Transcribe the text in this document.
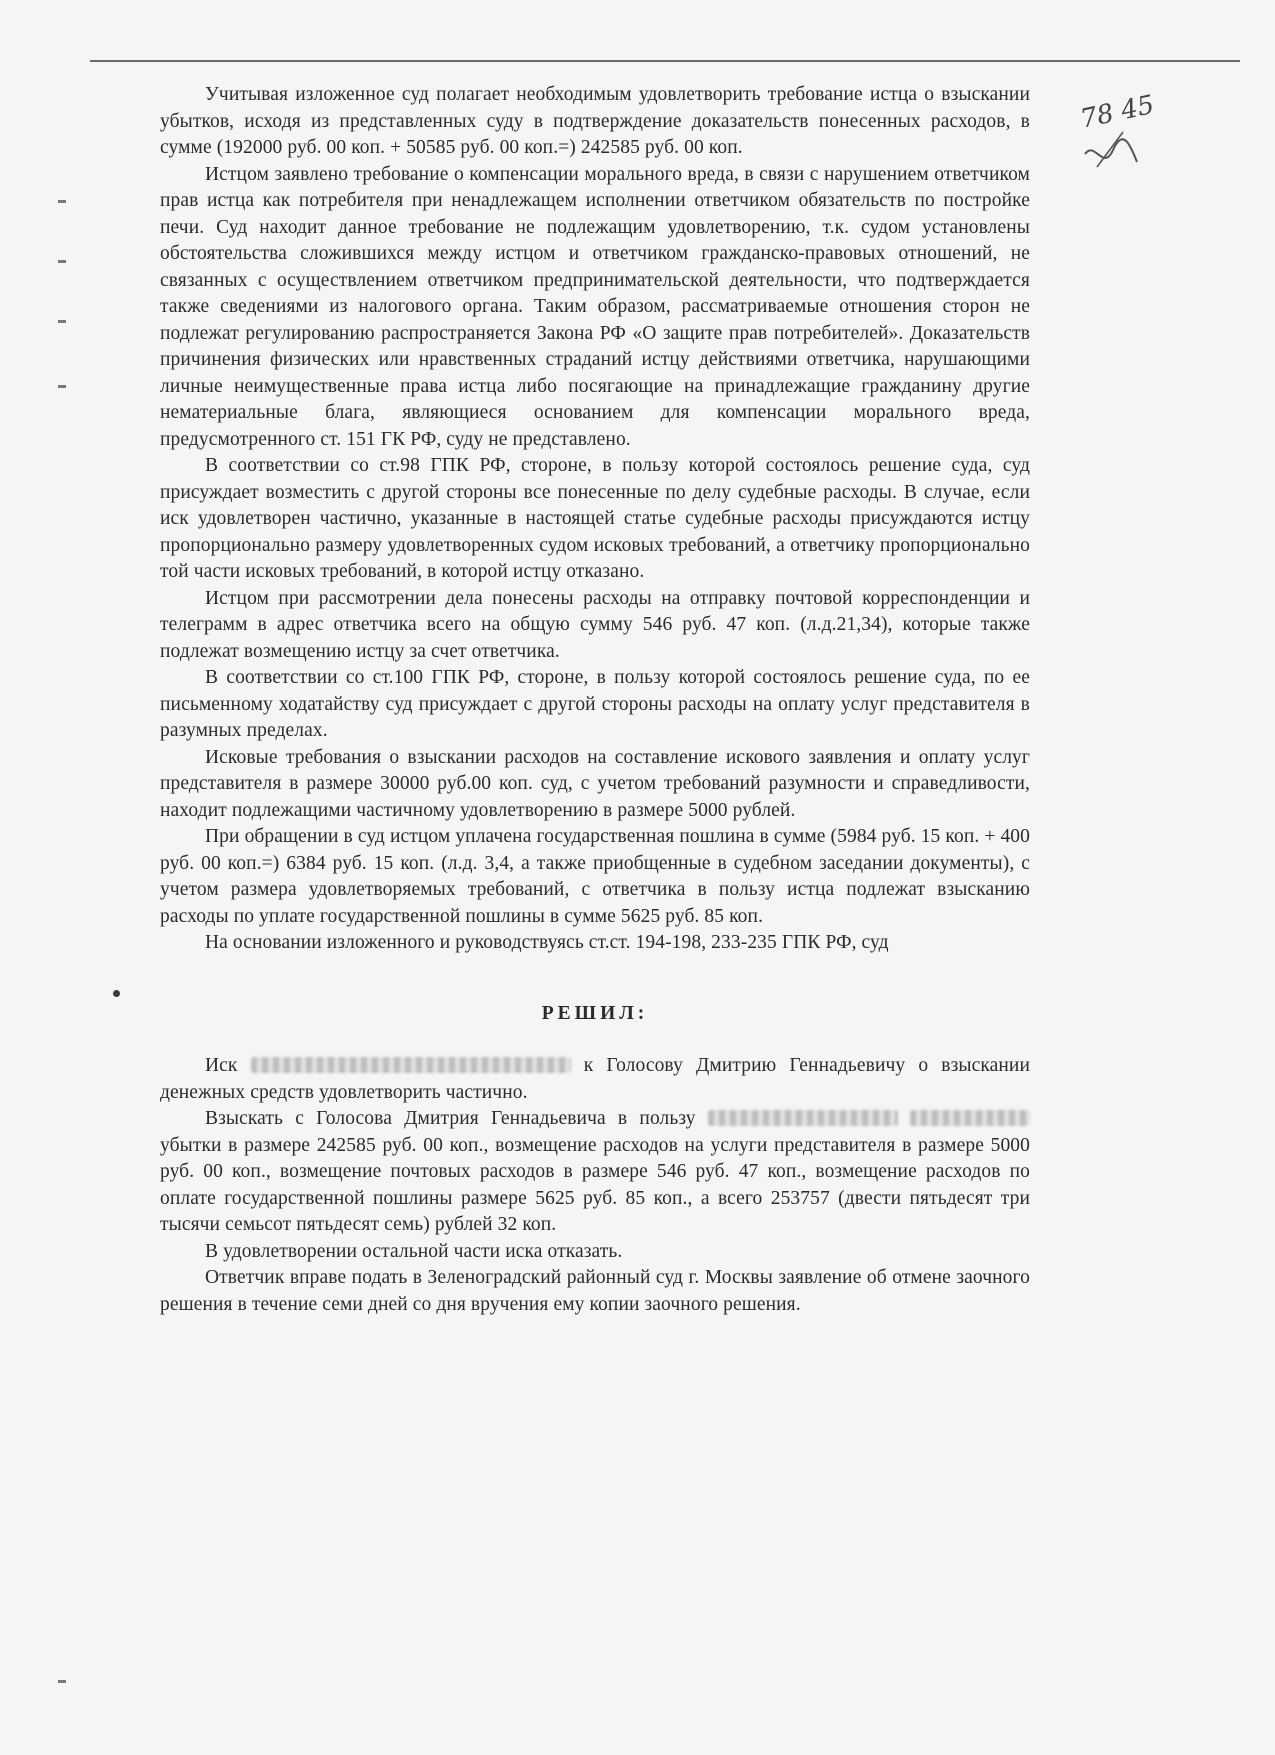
78 45

Учитывая изложенное суд полагает необходимым удовлетворить требование истца о взыскании убытков, исходя из представленных суду в подтверждение доказательств понесенных расходов, в сумме (192000 руб. 00 коп. + 50585 руб. 00 коп.=) 242585 руб. 00 коп.

Истцом заявлено требование о компенсации морального вреда, в связи с нарушением ответчиком прав истца как потребителя при ненадлежащем исполнении ответчиком обязательств по постройке печи. Суд находит данное требование не подлежащим удовлетворению, т.к. судом установлены обстоятельства сложившихся между истцом и ответчиком гражданско-правовых отношений, не связанных с осуществлением ответчиком предпринимательской деятельности, что подтверждается также сведениями из налогового органа. Таким образом, рассматриваемые отношения сторон не подлежат регулированию распространяется Закона РФ «О защите прав потребителей». Доказательств причинения физических или нравственных страданий истцу действиями ответчика, нарушающими личные неимущественные права истца либо посягающие на принадлежащие гражданину другие нематериальные блага, являющиеся основанием для компенсации морального вреда, предусмотренного ст. 151 ГК РФ, суду не представлено.

В соответствии со ст.98 ГПК РФ, стороне, в пользу которой состоялось решение суда, суд присуждает возместить с другой стороны все понесенные по делу судебные расходы. В случае, если иск удовлетворен частично, указанные в настоящей статье судебные расходы присуждаются истцу пропорционально размеру удовлетворенных судом исковых требований, а ответчику пропорционально той части исковых требований, в которой истцу отказано.

Истцом при рассмотрении дела понесены расходы на отправку почтовой корреспонденции и телеграмм в адрес ответчика всего на общую сумму 546 руб. 47 коп. (л.д.21,34), которые также подлежат возмещению истцу за счет ответчика.

В соответствии со ст.100 ГПК РФ, стороне, в пользу которой состоялось решение суда, по ее письменному ходатайству суд присуждает с другой стороны расходы на оплату услуг представителя в разумных пределах.

Исковые требования о взыскании расходов на составление искового заявления и оплату услуг представителя в размере 30000 руб.00 коп. суд, с учетом требований разумности и справедливости, находит подлежащими частичному удовлетворению в размере 5000 рублей.

При обращении в суд истцом уплачена государственная пошлина в сумме (5984 руб. 15 коп. + 400 руб. 00 коп.=) 6384 руб. 15 коп. (л.д. 3,4, а также приобщенные в судебном заседании документы), с учетом размера удовлетворяемых требований, с ответчика в пользу истца подлежат взысканию расходы по уплате государственной пошлины в сумме 5625 руб. 85 коп.

На основании изложенного и руководствуясь ст.ст. 194-198, 233-235 ГПК РФ, суд

РЕШИЛ:

Иск	к Голосову Дмитрию Геннадьевичу о взыскании денежных средств удовлетворить частично.

Взыскать с Голосова Дмитрия Геннадьевича в пользу   убытки в размере 242585 руб. 00 коп., возмещение расходов на услуги представителя в размере 5000 руб. 00 коп., возмещение почтовых расходов в размере 546 руб. 47 коп., возмещение расходов по оплате государственной пошлины размере 5625 руб. 85 коп., а всего 253757 (двести пятьдесят три тысячи семьсот пятьдесят семь) рублей 32 коп.

В удовлетворении остальной части иска отказать.

Ответчик вправе подать в Зеленоградский районный суд г. Москвы заявление об отмене заочного решения в течение семи дней со дня вручения ему копии заочного решения.
